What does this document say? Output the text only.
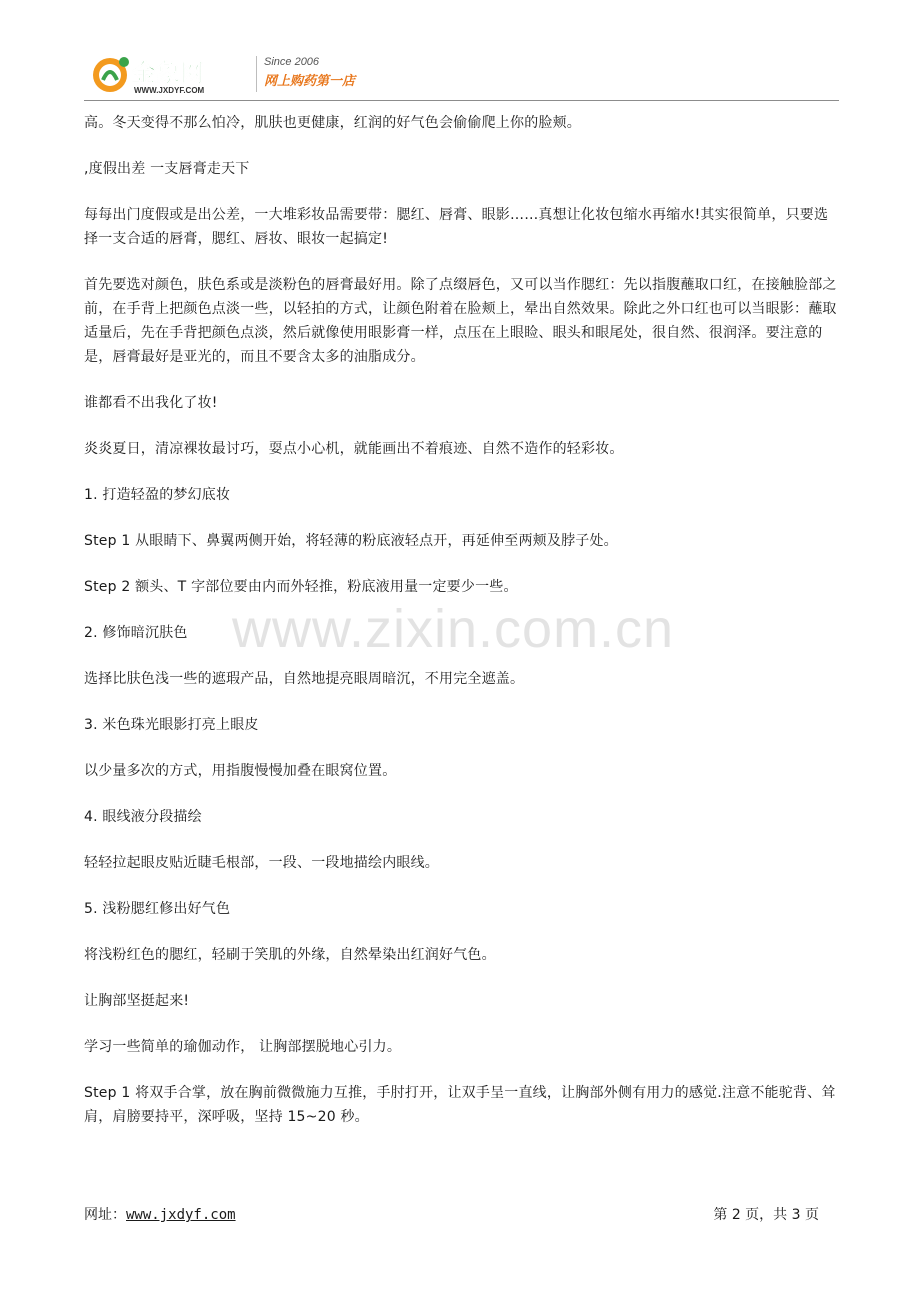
金象网
WWW.JXDYF.COM
Since 2006
网上购药第一店
www.zixin.com.cn

高。冬天变得不那么怕冷，肌肤也更健康，红润的好气色会偷偷爬上你的脸颊。

,度假出差 一支唇膏走天下

每每出门度假或是出公差，一大堆彩妆品需要带：腮红、唇膏、眼影……真想让化妆包缩水再缩水!其实很简单，只要选择一支合适的唇膏，腮红、唇妆、眼妆一起搞定!

首先要选对颜色，肤色系或是淡粉色的唇膏最好用。除了点缀唇色，又可以当作腮红：先以指腹蘸取口红，在接触脸部之前，在手背上把颜色点淡一些，以轻拍的方式，让颜色附着在脸颊上，晕出自然效果。除此之外口红也可以当眼影：蘸取适量后，先在手背把颜色点淡，然后就像使用眼影膏一样，点压在上眼睑、眼头和眼尾处，很自然、很润泽。要注意的是，唇膏最好是亚光的，而且不要含太多的油脂成分。

谁都看不出我化了妆!

炎炎夏日，清凉裸妆最讨巧，耍点小心机，就能画出不着痕迹、自然不造作的轻彩妆。

1. 打造轻盈的梦幻底妆

Step 1 从眼睛下、鼻翼两侧开始，将轻薄的粉底液轻点开，再延伸至两颊及脖子处。

Step 2 额头、T 字部位要由内而外轻推，粉底液用量一定要少一些。

2. 修饰暗沉肤色

选择比肤色浅一些的遮瑕产品，自然地提亮眼周暗沉，不用完全遮盖。

3. 米色珠光眼影打亮上眼皮

以少量多次的方式，用指腹慢慢加叠在眼窝位置。

4. 眼线液分段描绘

轻轻拉起眼皮贴近睫毛根部，一段、一段地描绘内眼线。

5. 浅粉腮红修出好气色

将浅粉红色的腮红，轻刷于笑肌的外缘，自然晕染出红润好气色。

让胸部坚挺起来!

学习一些简单的瑜伽动作， 让胸部摆脱地心引力。

Step 1 将双手合掌，放在胸前微微施力互推，手肘打开，让双手呈一直线，让胸部外侧有用力的感觉.注意不能驼背、耸肩，肩膀要持平，深呼吸，坚持 15~20 秒。

网址：www.jxdyf.com	第 2 页，共 3 页
